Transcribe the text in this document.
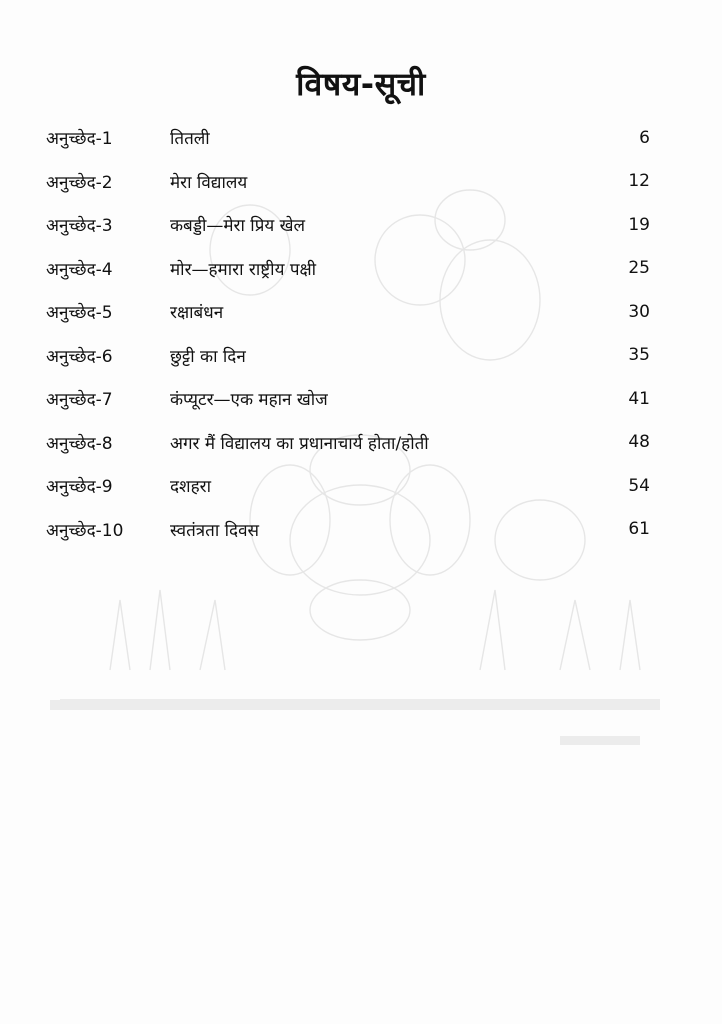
विषय-सूची
अनुच्छेद-1	तितली	6
अनुच्छेद-2	मेरा विद्यालय	12
अनुच्छेद-3	कबड्डी—मेरा प्रिय खेल	19
अनुच्छेद-4	मोर—हमारा राष्ट्रीय पक्षी	25
अनुच्छेद-5	रक्षाबंधन	30
अनुच्छेद-6	छुट्टी का दिन	35
अनुच्छेद-7	कंप्यूटर—एक महान खोज	41
अनुच्छेद-8	अगर मैं विद्यालय का प्रधानाचार्य होता/होती	48
अनुच्छेद-9	दशहरा	54
अनुच्छेद-10	स्वतंत्रता दिवस	61
